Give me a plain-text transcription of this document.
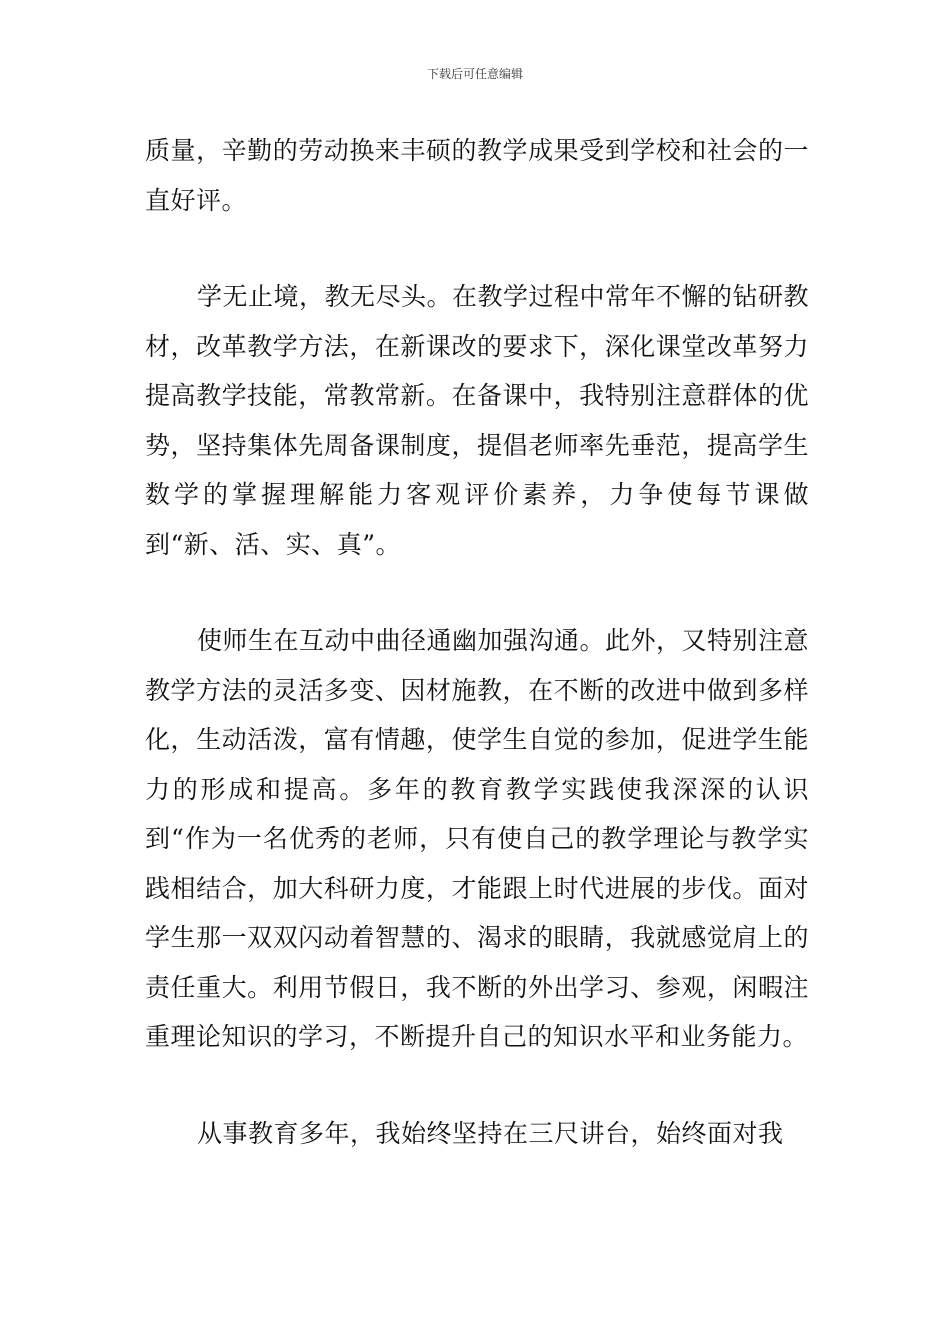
下载后可任意编辑

质量，辛勤的劳动换来丰硕的教学成果受到学校和社会的一直好评。

学无止境，教无尽头。在教学过程中常年不懈的钻研教材，改革教学方法，在新课改的要求下，深化课堂改革努力提高教学技能，常教常新。在备课中，我特别注意群体的优势，坚持集体先周备课制度，提倡老师率先垂范，提高学生数学的掌握理解能力客观评价素养，力争使每节课做到“新、活、实、真”。

使师生在互动中曲径通幽加强沟通。此外，又特别注意教学方法的灵活多变、因材施教，在不断的改进中做到多样化，生动活泼，富有情趣，使学生自觉的参加，促进学生能力的形成和提高。多年的教育教学实践使我深深的认识到“作为一名优秀的老师，只有使自己的教学理论与教学实践相结合，加大科研力度，才能跟上时代进展的步伐。面对学生那一双双闪动着智慧的、渴求的眼睛，我就感觉肩上的责任重大。利用节假日，我不断的外出学习、参观，闲暇注重理论知识的学习，不断提升自己的知识水平和业务能力。

从事教育多年，我始终坚持在三尺讲台，始终面对我
